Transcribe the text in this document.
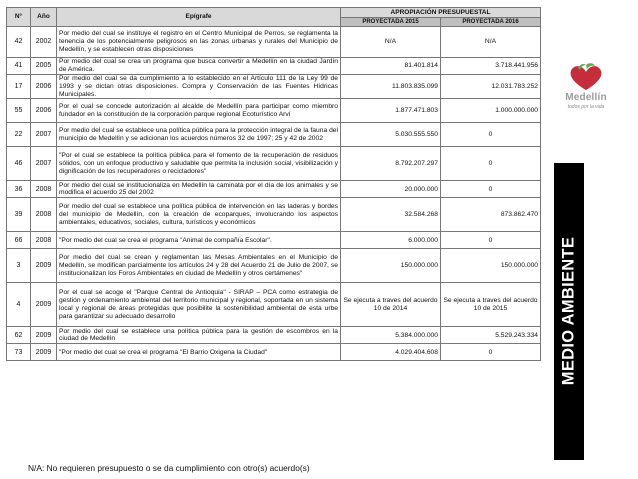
N°	Año	Epígrafe	APROPIACIÓN PRESUPUESTAL	
			PROYECTADA 2015	PROYECTADA 2016
42	2002	Por medio del cual se instituye el registro en el Centro Municipal de Perros, se reglamenta la tenencia de los potencialmente peligrosos en las zonas urbanas y rurales del Municipio de Medellín, y se establecen otras disposiciones	N/A	N/A
41	2005	Por medio del cual se crea un programa que busca convertir a Medellín en la ciudad Jardín de América.	81.401.814	3.718.441.956
17	2006	Por medio del cual se da cumplimiento a lo establecido en el Artículo 111 de la Ley 99 de 1993 y se dictan otras disposiciones. Compra y Conservación de las Fuentes Hídricas Municipales.	11.803.835.099	12.031.783.252
55	2006	Por el cual se concede autorización al alcalde de Medellín para participar como miembro fundador en la constitución de la corporación parque regional Ecoturístico Arví	1.877.471.803	1.000.000.000
22	2007	Por medio del cual se establece una política pública para la protección integral de la fauna del municipio de Medellín y se adicionan los acuerdos números 32 de 1997; 25 y 42 de 2002	5.030.555.550	0
46	2007	"Por el cual se establece la política pública para el fomento de la recuperación de residuos sólidos, con un enfoque productivo y saludable que permita la inclusión social, visibilización y dignificación de los recuperadores o recicladores"	8.792.207.297	0
36	2008	Por medio del cual se institucionaliza en Medellín la caminata por el día de los animales y se modifica el acuerdo 25 del 2002	20.000.000	0
39	2008	Por medio del cual se establece una política pública de intervención en las laderas y bordes del municipio de Medellín, con la creación de ecoparques, involucrando los aspectos ambientales, educativos, sociales, cultura, turísticos y económicos	32.584.268	873.862.470
66	2008	"Por medio del cual se crea el programa "Animal de compañía Escolar".	6.000.000	0
3	2009	Por medio del cual se crean y reglamentan las Mesas Ambientales en el Municipio de Medellín, se modifican parcialmente los artículos 24 y 28 del Acuerdo 21 de Julio de 2007, se institucionalizan los Foros Ambientales en ciudad de Medellín y otros certámenes"	150.000.000	150.000.000
4	2009	Por el cual se acoge el "Parque Central de Antioquia" - SIRAP – PCA como estrategia de gestión y ordenamiento ambiental del territorio municipal y regional, soportada en un sistema local y regional de áreas protegidas que posibilite la sostenibilidad ambiental de esta urbe para garantizar su adecuado desarrollo	Se ejecuta a traves del acuerdo 10 de 2014	Se ejecuta a traves del acuerdo 10 de 2015
62	2009	Por medio del cual se establece una política pública para la gestión de escombros en la ciudad de Medellín	5.384.000.000	5.529.243.334
73	2009	"Por medio del cual se crea el programa "El Barrio Oxigena la Ciudad"	4.029.404.608	0
Medellín
todos por la vida
MEDIO AMBIENTE
N/A: No requieren presupuesto o se da cumplimiento con otro(s) acuerdo(s)
